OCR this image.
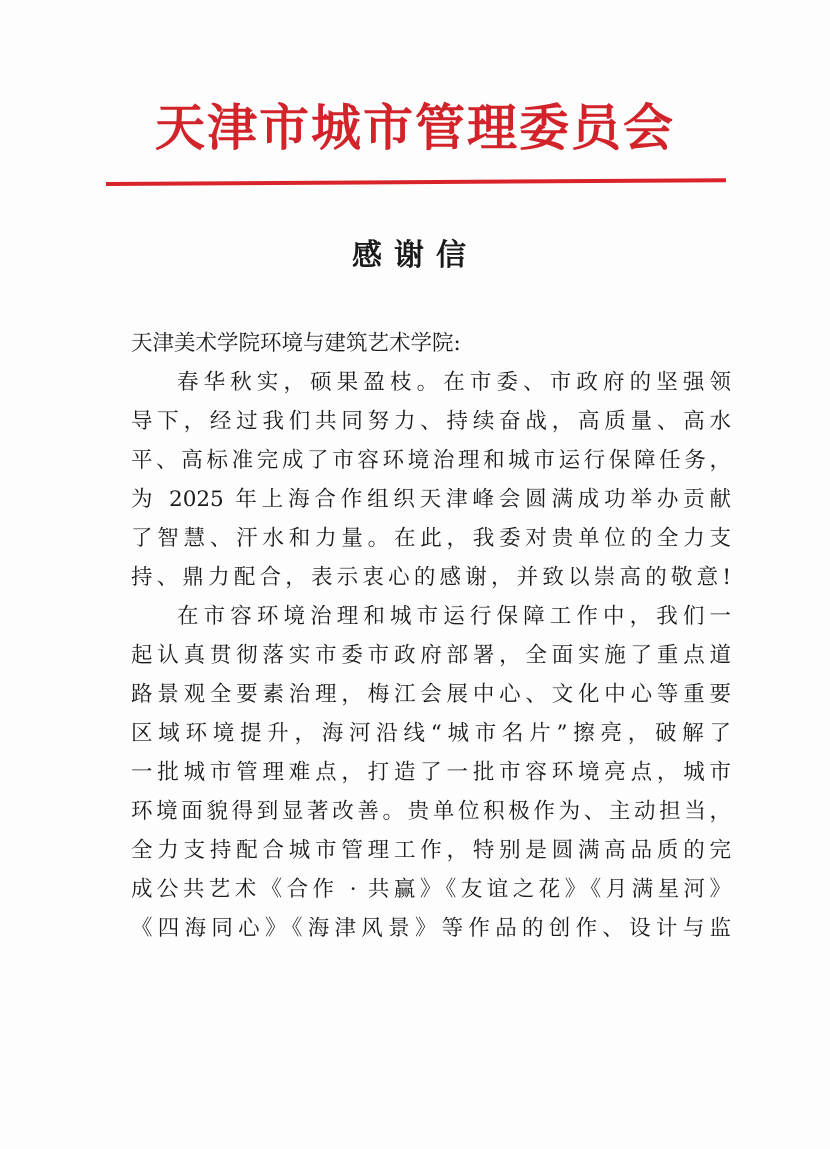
天津市城市管理委员会
感谢信
天津美术学院环境与建筑艺术学院:
春华秋实，硕果盈枝。在市委、市政府的坚强领
导下，经过我们共同努力、持续奋战，高质量、高水
平、高标准完成了市容环境治理和城市运行保障任务，
为 2025 年上海合作组织天津峰会圆满成功举办贡献
了智慧、汗水和力量。在此，我委对贵单位的全力支
持、鼎力配合，表示衷心的感谢，并致以崇高的敬意!
在市容环境治理和城市运行保障工作中，我们一
起认真贯彻落实市委市政府部署，全面实施了重点道
路景观全要素治理，梅江会展中心、文化中心等重要
区域环境提升，海河沿线“城市名片”擦亮，破解了
一批城市管理难点，打造了一批市容环境亮点，城市
环境面貌得到显著改善。贵单位积极作为、主动担当，
全力支持配合城市管理工作，特别是圆满高品质的完
成公共艺术《合作 · 共赢》《友谊之花》《月满星河》
《四海同心》《海津风景》等作品的创作、设计与监
